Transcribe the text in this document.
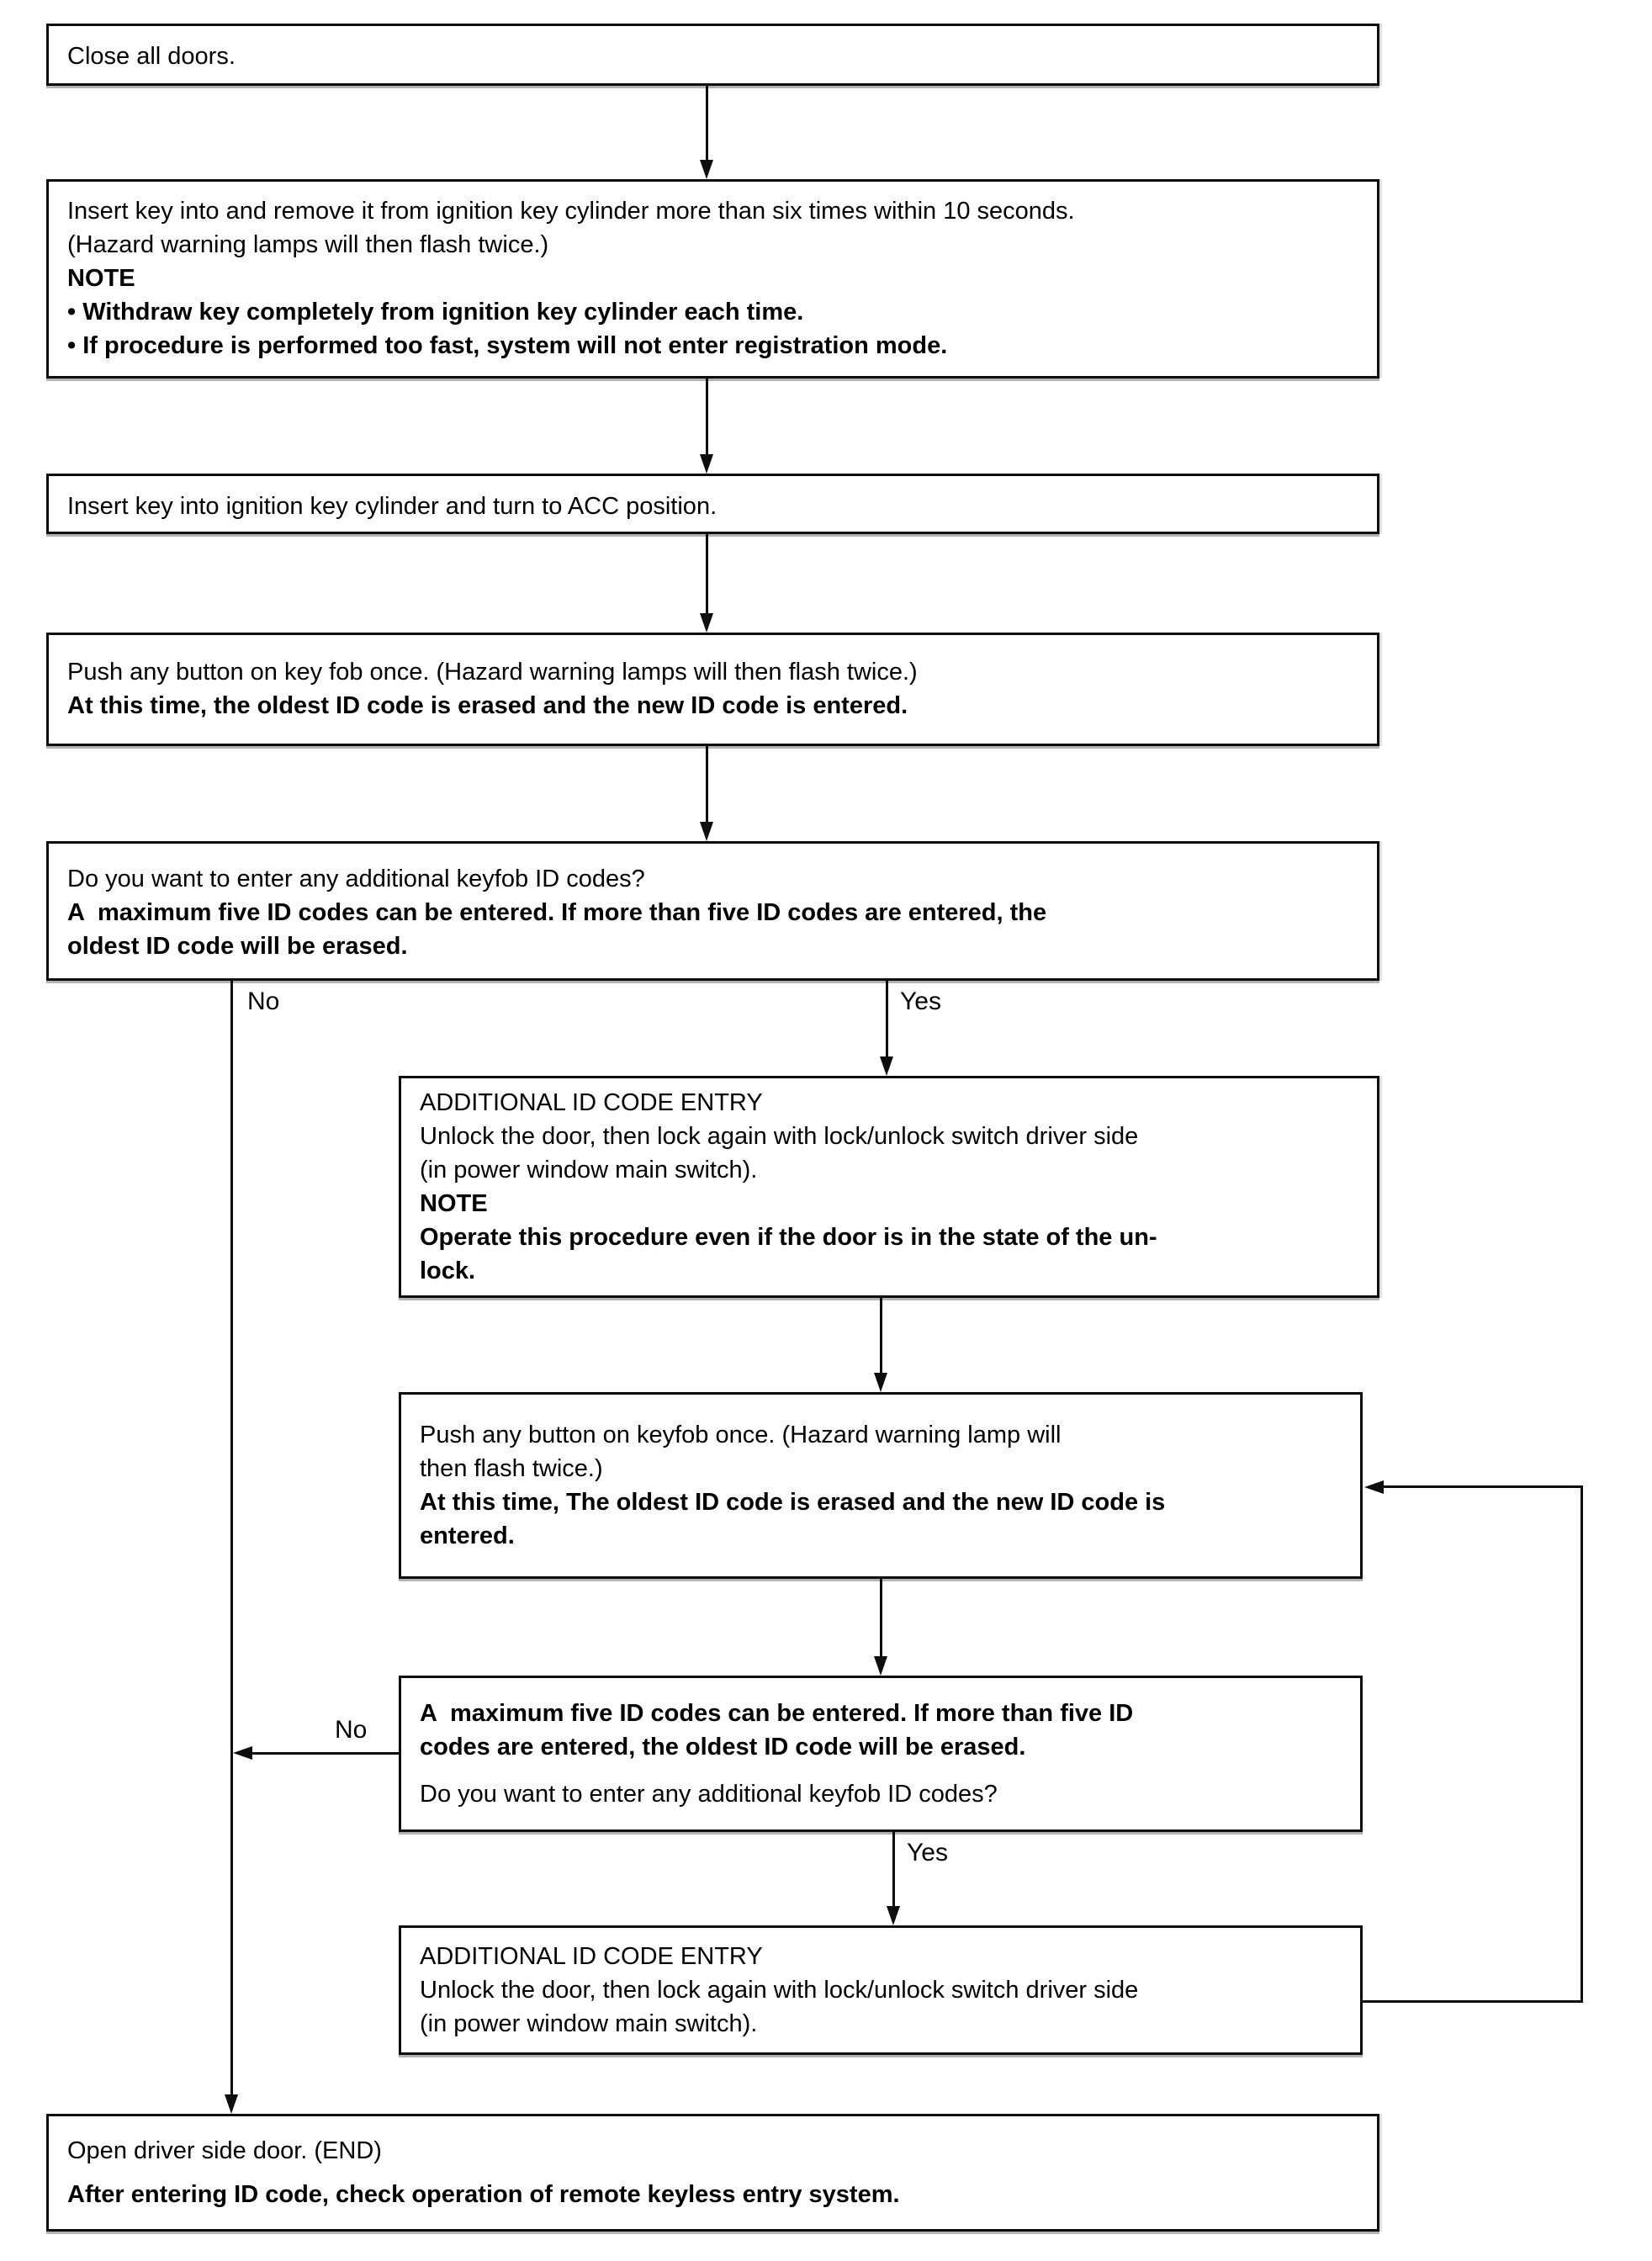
Close all doors.
Insert key into and remove it from ignition key cylinder more than six times within 10 seconds.
(Hazard warning lamps will then flash twice.)
NOTE
• Withdraw key completely from ignition key cylinder each time.
• If procedure is performed too fast, system will not enter registration mode.
Insert key into ignition key cylinder and turn to ACC position.
Push any button on key fob once. (Hazard warning lamps will then flash twice.)
At this time, the oldest ID code is erased and the new ID code is entered.
Do you want to enter any additional keyfob ID codes?
A  maximum five ID codes can be entered. If more than five ID codes are entered, the
oldest ID code will be erased.
No	Yes
ADDITIONAL ID CODE ENTRY
Unlock the door, then lock again with lock/unlock switch driver side
(in power window main switch).
NOTE
Operate this procedure even if the door is in the state of the un-
lock.
Push any button on keyfob once. (Hazard warning lamp will
then flash twice.)
At this time, The oldest ID code is erased and the new ID code is
entered.
A  maximum five ID codes can be entered. If more than five ID
codes are entered, the oldest ID code will be erased.
Do you want to enter any additional keyfob ID codes?
No
Yes
ADDITIONAL ID CODE ENTRY
Unlock the door, then lock again with lock/unlock switch driver side
(in power window main switch).
Open driver side door. (END)
After entering ID code, check operation of remote keyless entry system.
